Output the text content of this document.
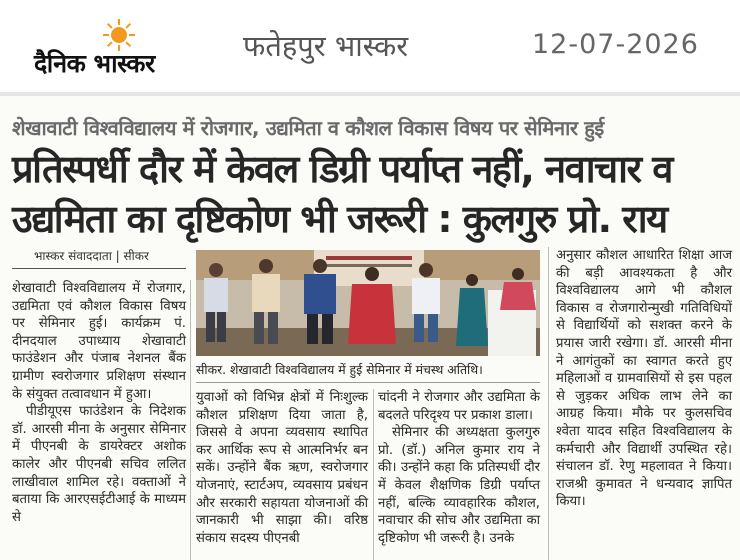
दैनिक भास्कर
फतेहपुर भास्कर	12-07-2026
शेखावाटी विश्वविद्यालय में रोजगार, उद्यमिता व कौशल विकास विषय पर सेमिनार हुई
प्रतिस्पर्धी दौर में केवल डिग्री पर्याप्त नहीं, नवाचार व
उद्यमिता का दृष्टिकोण भी जरूरी : कुलगुरु प्रो. राय
भास्कर संवाददाता | सीकर
सीकर. शेखावाटी विश्वविद्यालय में हुई सेमिनार में मंचस्थ अतिथि।

शेखावाटी विश्वविद्यालय में रोजगार, उद्यमिता एवं कौशल विकास विषय पर सेमिनार हुई। कार्यक्रम पं. दीनदयाल उपाध्याय शेखावाटी फाउंडेशन और पंजाब नेशनल बैंक ग्रामीण स्वरोजगार प्रशिक्षण संस्थान के संयुक्त तत्वावधान में हुआ।

पीडीयूएस फाउंडेशन के निदेशक डॉ. आरसी मीना के अनुसार सेमिनार में पीएनबी के डायरेक्टर अशोक कालेर और पीएनबी सचिव ललित लाखीवाल शामिल रहे। वक्ताओं ने बताया कि आरएसईटीआई के माध्यम से

युवाओं को विभिन्न क्षेत्रों में निःशुल्क कौशल प्रशिक्षण दिया जाता है, जिससे वे अपना व्यवसाय स्थापित कर आर्थिक रूप से आत्मनिर्भर बन सकें। उन्होंने बैंक ऋण, स्वरोजगार योजनाएं, स्टार्टअप, व्यवसाय प्रबंधन और सरकारी सहायता योजनाओं की जानकारी भी साझा की। वरिष्ठ संकाय सदस्य पीएनबी

चांदनी ने रोजगार और उद्यमिता के बदलते परिदृश्य पर प्रकाश डाला।

सेमिनार की अध्यक्षता कुलगुरु प्रो. (डॉ.) अनिल कुमार राय ने की। उन्होंने कहा कि प्रतिस्पर्धी दौर में केवल शैक्षणिक डिग्री पर्याप्त नहीं, बल्कि व्यावहारिक कौशल, नवाचार की सोच और उद्यमिता का दृष्टिकोण भी जरूरी है। उनके

अनुसार कौशल आधारित शिक्षा आज की बड़ी आवश्यकता है और विश्वविद्यालय आगे भी कौशल विकास व रोजगारोन्मुखी गतिविधियों से विद्यार्थियों को सशक्त करने के प्रयास जारी रखेगा। डॉ. आरसी मीना ने आगंतुकों का स्वागत करते हुए महिलाओं व ग्रामवासियों से इस पहल से जुड़कर अधिक लाभ लेने का आग्रह किया। मौके पर कुलसचिव श्वेता यादव सहित विश्वविद्यालय के कर्मचारी और विद्यार्थी उपस्थित रहे। संचालन डॉ. रेणु महलावत ने किया। राजश्री कुमावत ने धन्यवाद ज्ञापित किया।
